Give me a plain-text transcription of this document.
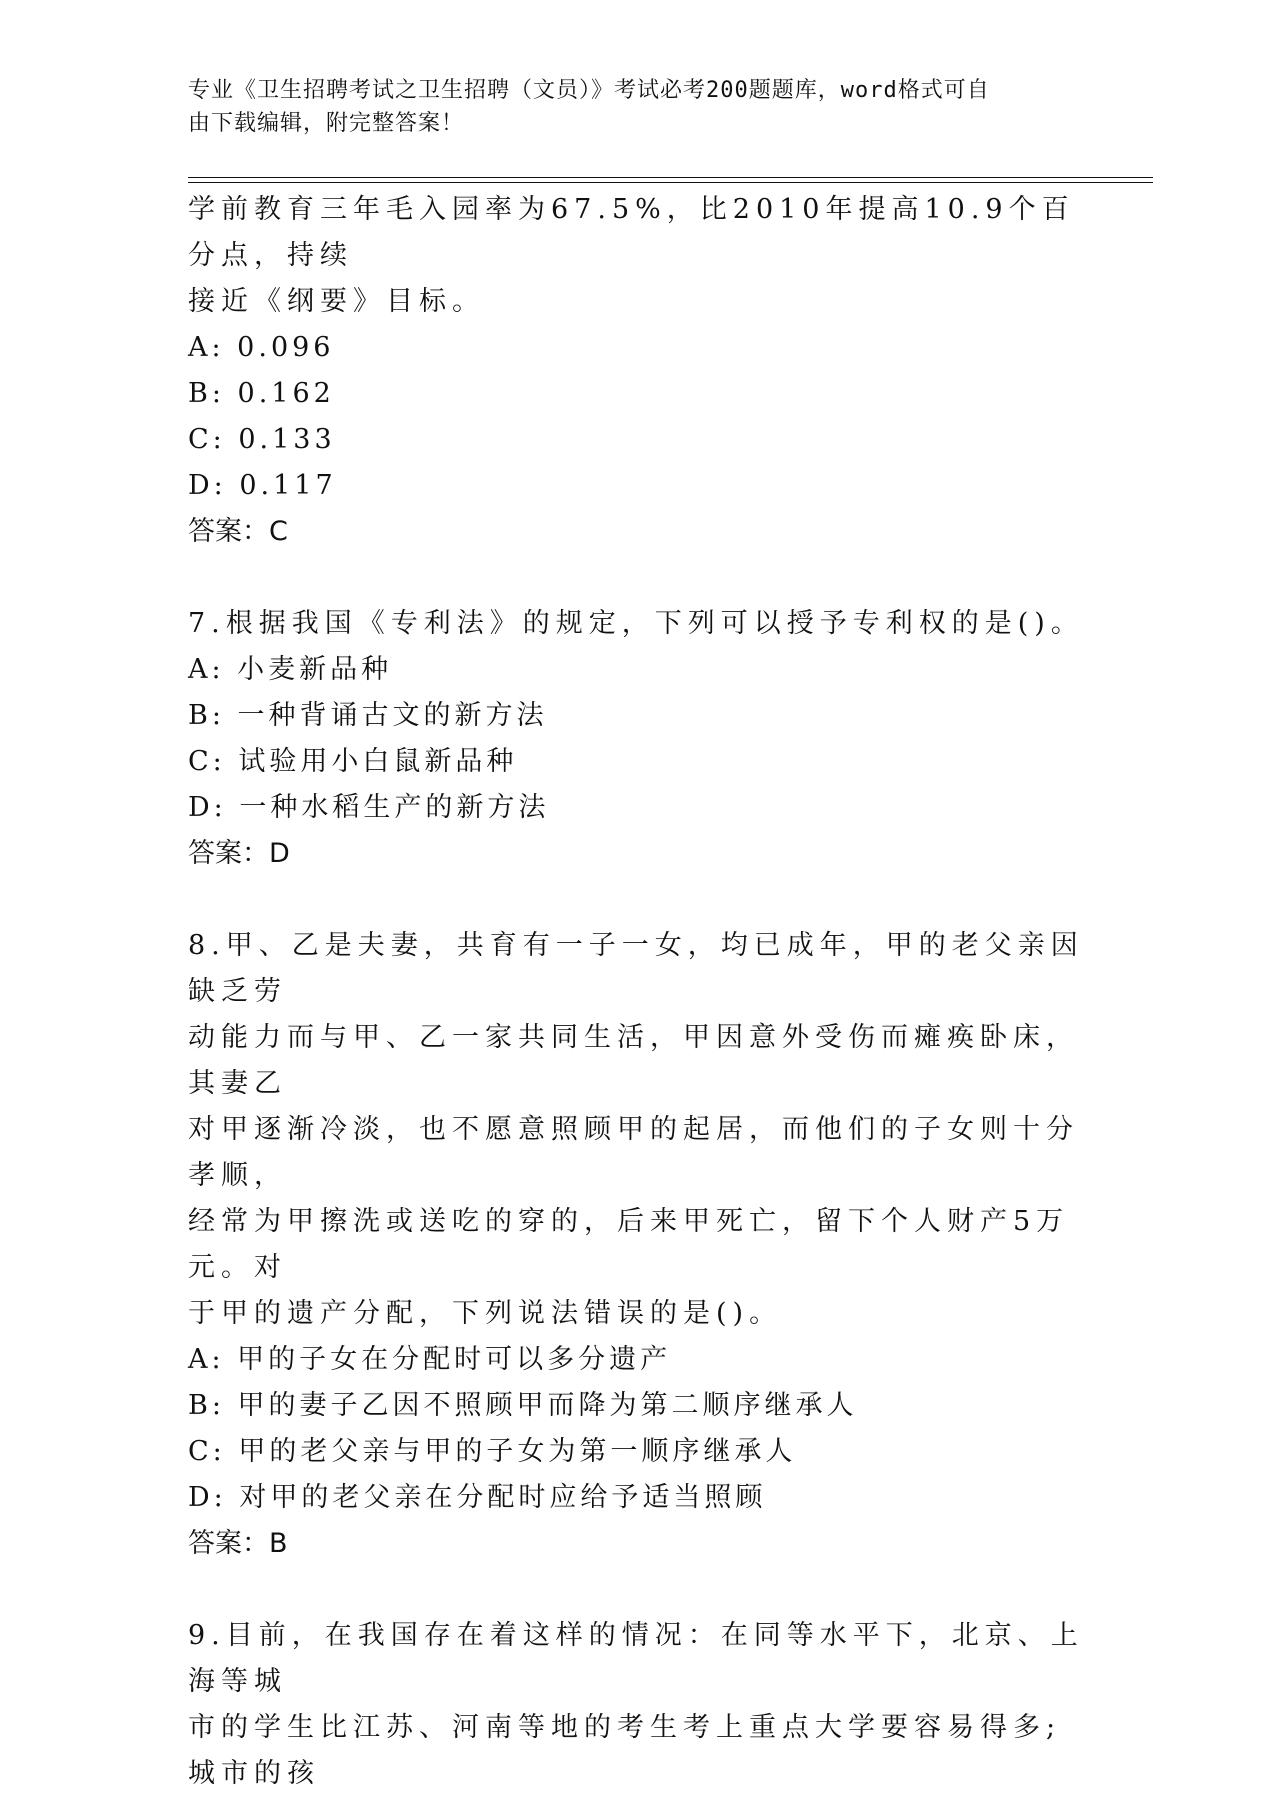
专业《卫生招聘考试之卫生招聘（文员）》考试必考200题题库，word格式可自
由下载编辑，附完整答案！

学前教育三年毛入园率为67.5%，比2010年提高10.9个百分点，持续

接近《纲要》目标。

A: 0.096

B: 0.162

C: 0.133

D: 0.117

答案：C

7.根据我国《专利法》的规定，下列可以授予专利权的是()。

A: 小麦新品种

B: 一种背诵古文的新方法

C: 试验用小白鼠新品种

D: 一种水稻生产的新方法

答案：D

8.甲、乙是夫妻，共育有一子一女，均已成年，甲的老父亲因缺乏劳

动能力而与甲、乙一家共同生活，甲因意外受伤而瘫痪卧床，其妻乙

对甲逐渐冷淡，也不愿意照顾甲的起居，而他们的子女则十分孝顺，

经常为甲擦洗或送吃的穿的，后来甲死亡，留下个人财产5万元。对

于甲的遗产分配，下列说法错误的是()。

A: 甲的子女在分配时可以多分遗产

B: 甲的妻子乙因不照顾甲而降为第二顺序继承人

C: 甲的老父亲与甲的子女为第一顺序继承人

D: 对甲的老父亲在分配时应给予适当照顾

答案：B

9.目前，在我国存在着这样的情况：在同等水平下，北京、上海等城

市的学生比江苏、河南等地的考生考上重点大学要容易得多;城市的孩
